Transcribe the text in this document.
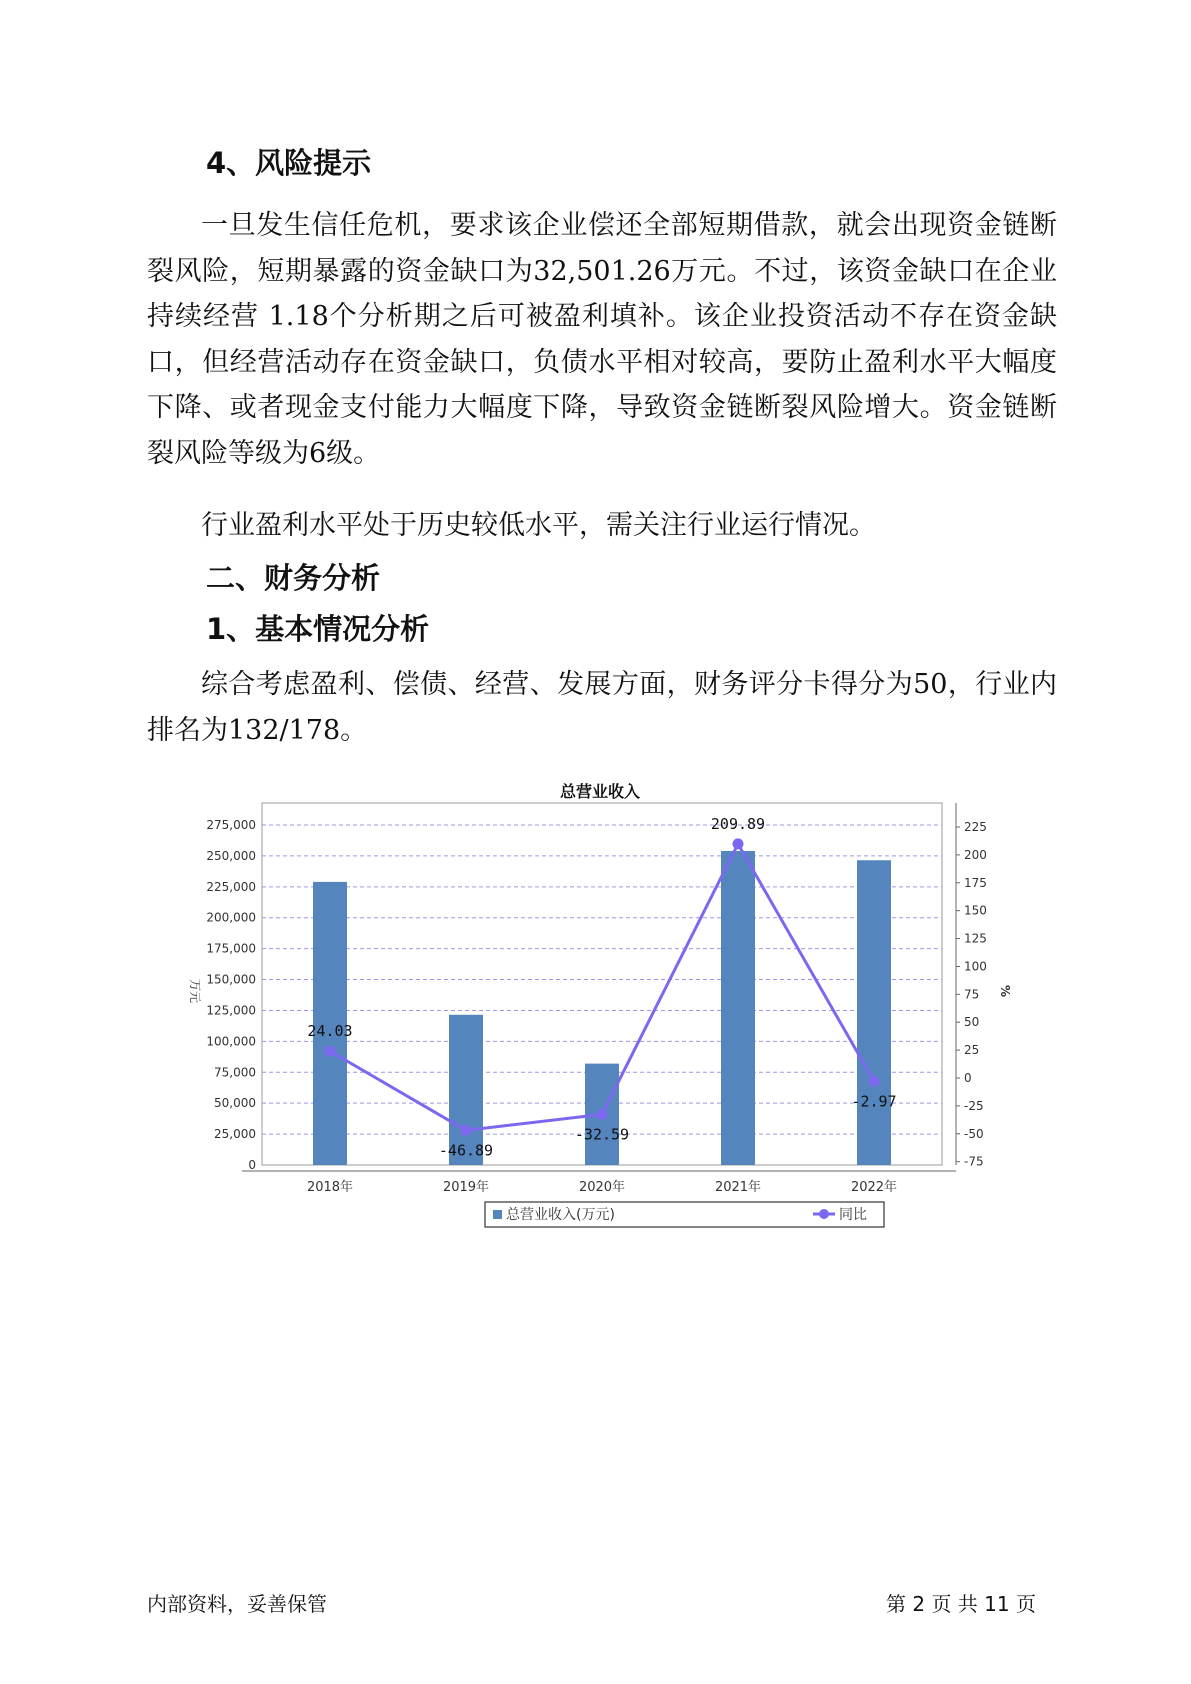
4、风险提示

一旦发生信任危机，要求该企业偿还全部短期借款，就会出现资金链断裂风险，短期暴露的资金缺口为32,501.26万元。不过，该资金缺口在企业持续经营 1.18个分析期之后可被盈利填补。该企业投资活动不存在资金缺口，但经营活动存在资金缺口，负债水平相对较高，要防止盈利水平大幅度下降、或者现金支付能力大幅度下降，导致资金链断裂风险增大。资金链断裂风险等级为6级。

行业盈利水平处于历史较低水平，需关注行业运行情况。

二、财务分析
1、基本情况分析

综合考虑盈利、偿债、经营、发展方面，财务评分卡得分为50，行业内排名为132/178。

总营业收入
万元	%
0
25,000
50,000
75,000
100,000
125,000
150,000
175,000
200,000
225,000
250,000
275,000
-75
-50
-25
0
25
50
75
100
125
150
175
200
225
2018年	2019年	2020年	2021年	2022年
24.03
-46.89
-32.59
209.89
-2.97
总营业收入(万元)	同比
内部资料，妥善保管	第 2 页 共 11 页
